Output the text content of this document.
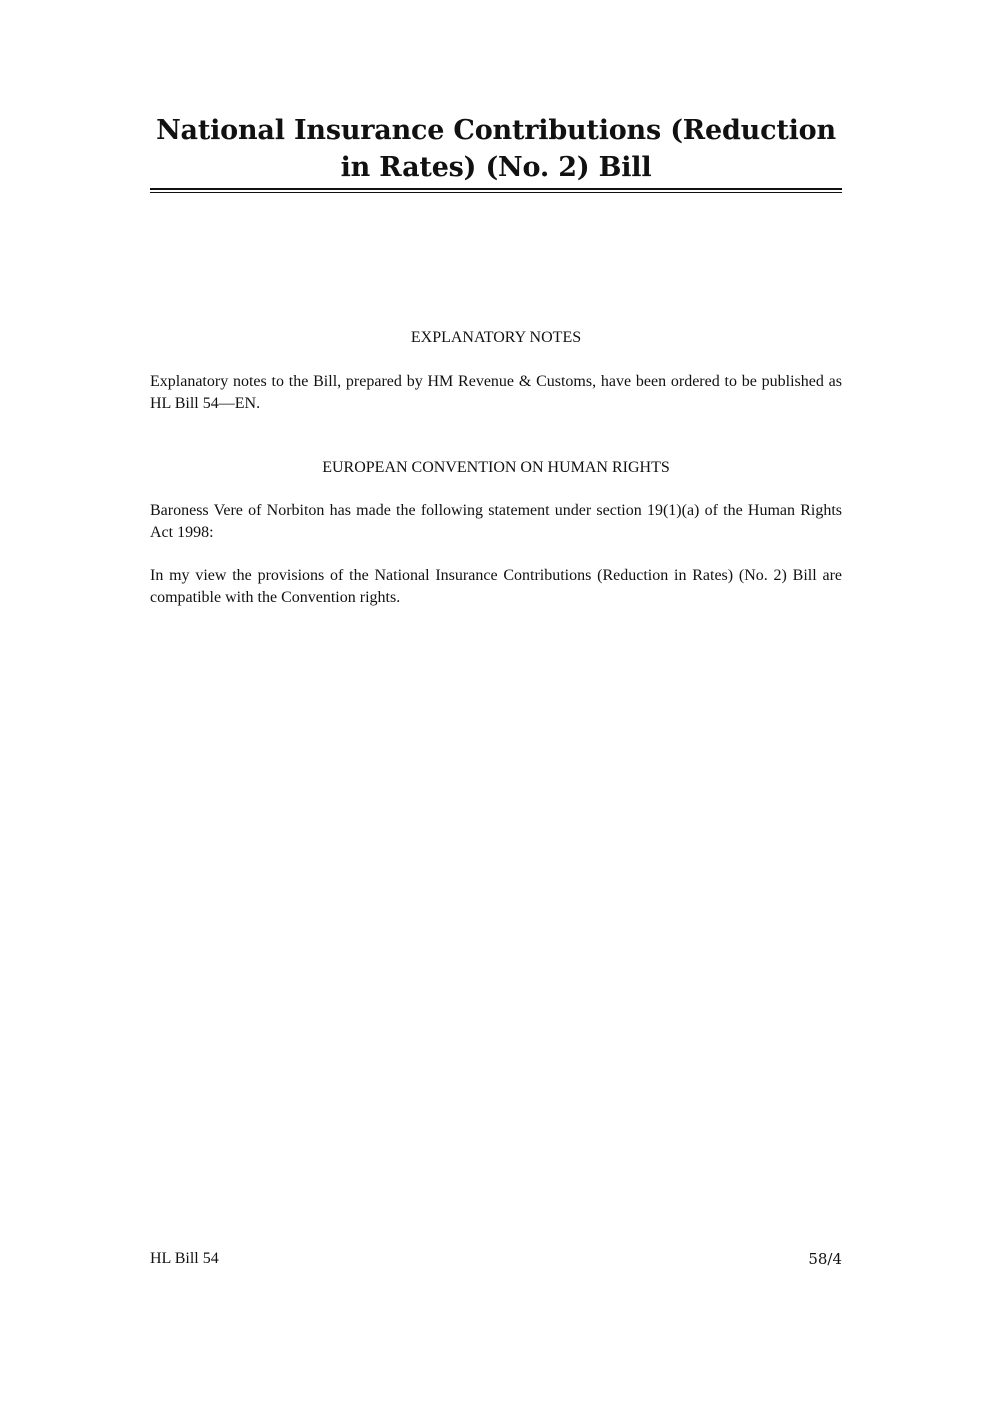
National Insurance Contributions (Reduction in Rates) (No. 2) Bill
EXPLANATORY NOTES

Explanatory notes to the Bill, prepared by HM Revenue & Customs, have been ordered to be published as HL Bill 54—EN.

EUROPEAN CONVENTION ON HUMAN RIGHTS

Baroness Vere of Norbiton has made the following statement under section 19(1)(a) of the Human Rights Act 1998:

In my view the provisions of the National Insurance Contributions (Reduction in Rates) (No. 2) Bill are compatible with the Convention rights.

HL Bill 54	58/4
